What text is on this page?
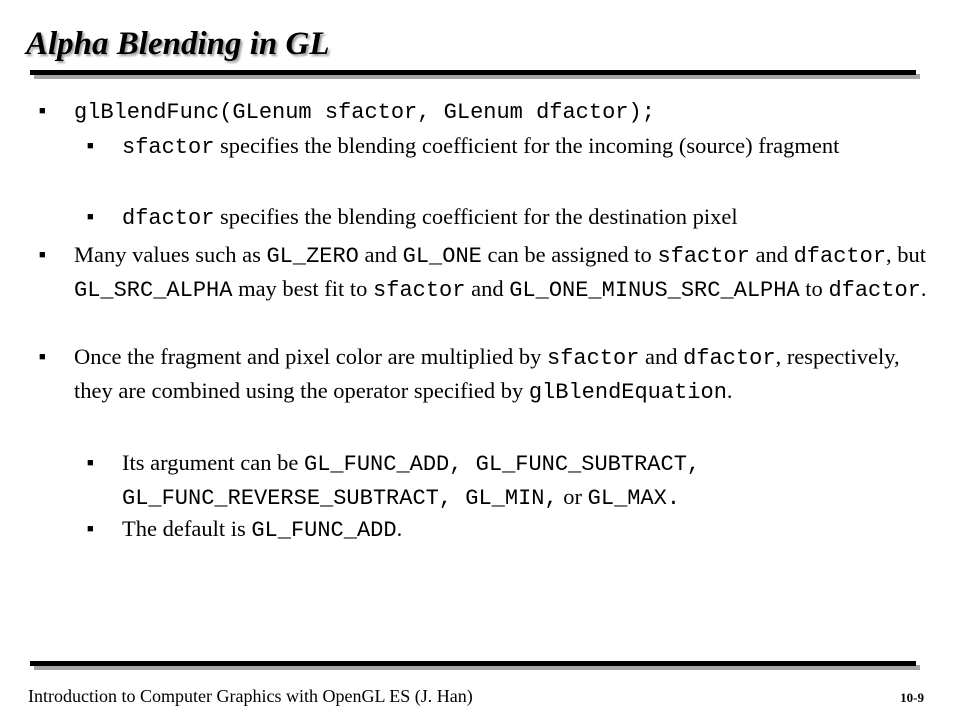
Alpha Blending in GL
■ glBlendFunc(GLenum sfactor, GLenum dfactor);
■ sfactor specifies the blending coefficient for the incoming (source) fragment
■ dfactor specifies the blending coefficient for the destination pixel
■ Many values such as GL_ZERO and GL_ONE can be assigned to sfactor and dfactor, but GL_SRC_ALPHA may best fit to sfactor and GL_ONE_MINUS_SRC_ALPHA to dfactor.
■ Once the fragment and pixel color are multiplied by sfactor and dfactor, respectively, they are combined using the operator specified by glBlendEquation.
■ Its argument can be GL_FUNC_ADD, GL_FUNC_SUBTRACT, GL_FUNC_REVERSE_SUBTRACT, GL_MIN, or GL_MAX.
■ The default is GL_FUNC_ADD.
Introduction to Computer Graphics with OpenGL ES (J. Han)	10-9
